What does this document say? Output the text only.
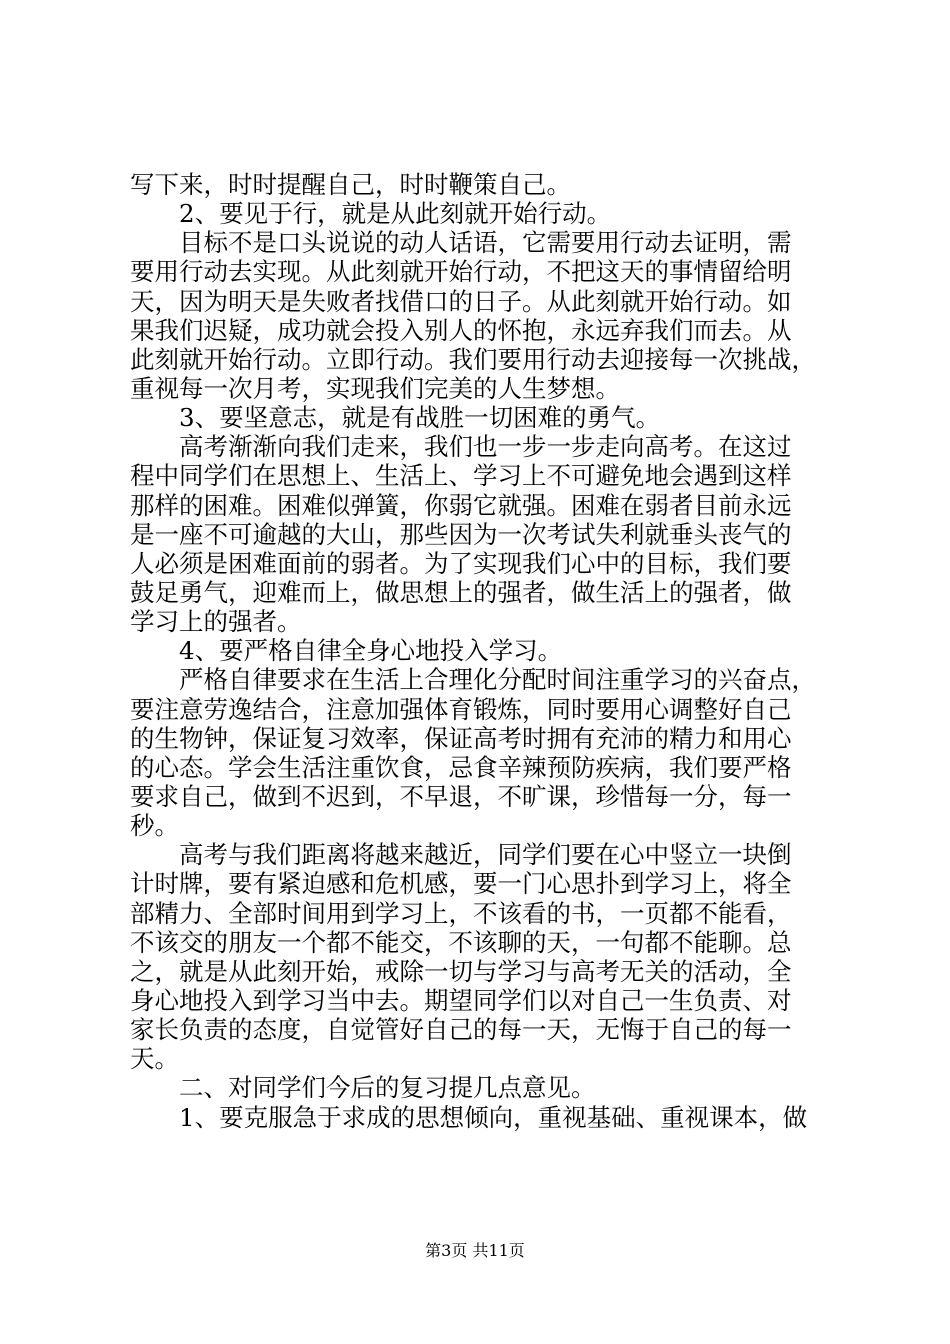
写下来，时时提醒自己，时时鞭策自己。
2、要见于行，就是从此刻就开始行动。
目标不是口头说说的动人话语，它需要用行动去证明，需
要用行动去实现。从此刻就开始行动，不把这天的事情留给明
天，因为明天是失败者找借口的日子。从此刻就开始行动。如
果我们迟疑，成功就会投入别人的怀抱，永远弃我们而去。从
此刻就开始行动。立即行动。我们要用行动去迎接每一次挑战，
重视每一次月考，实现我们完美的人生梦想。
3、要坚意志，就是有战胜一切困难的勇气。
高考渐渐向我们走来，我们也一步一步走向高考。在这过
程中同学们在思想上、生活上、学习上不可避免地会遇到这样
那样的困难。困难似弹簧，你弱它就强。困难在弱者目前永远
是一座不可逾越的大山，那些因为一次考试失利就垂头丧气的
人必须是困难面前的弱者。为了实现我们心中的目标，我们要
鼓足勇气，迎难而上，做思想上的强者，做生活上的强者，做
学习上的强者。
4、要严格自律全身心地投入学习。
严格自律要求在生活上合理化分配时间注重学习的兴奋点，
要注意劳逸结合，注意加强体育锻炼，同时要用心调整好自己
的生物钟，保证复习效率，保证高考时拥有充沛的精力和用心
的心态。学会生活注重饮食，忌食辛辣预防疾病，我们要严格
要求自己，做到不迟到，不早退，不旷课，珍惜每一分，每一
秒。
高考与我们距离将越来越近，同学们要在心中竖立一块倒
计时牌，要有紧迫感和危机感，要一门心思扑到学习上，将全
部精力、全部时间用到学习上，不该看的书，一页都不能看，
不该交的朋友一个都不能交，不该聊的天，一句都不能聊。总
之，就是从此刻开始，戒除一切与学习与高考无关的活动，全
身心地投入到学习当中去。期望同学们以对自己一生负责、对
家长负责的态度，自觉管好自己的每一天，无悔于自己的每一
天。
二、对同学们今后的复习提几点意见。
1、要克服急于求成的思想倾向，重视基础、重视课本，做
第3页 共11页
